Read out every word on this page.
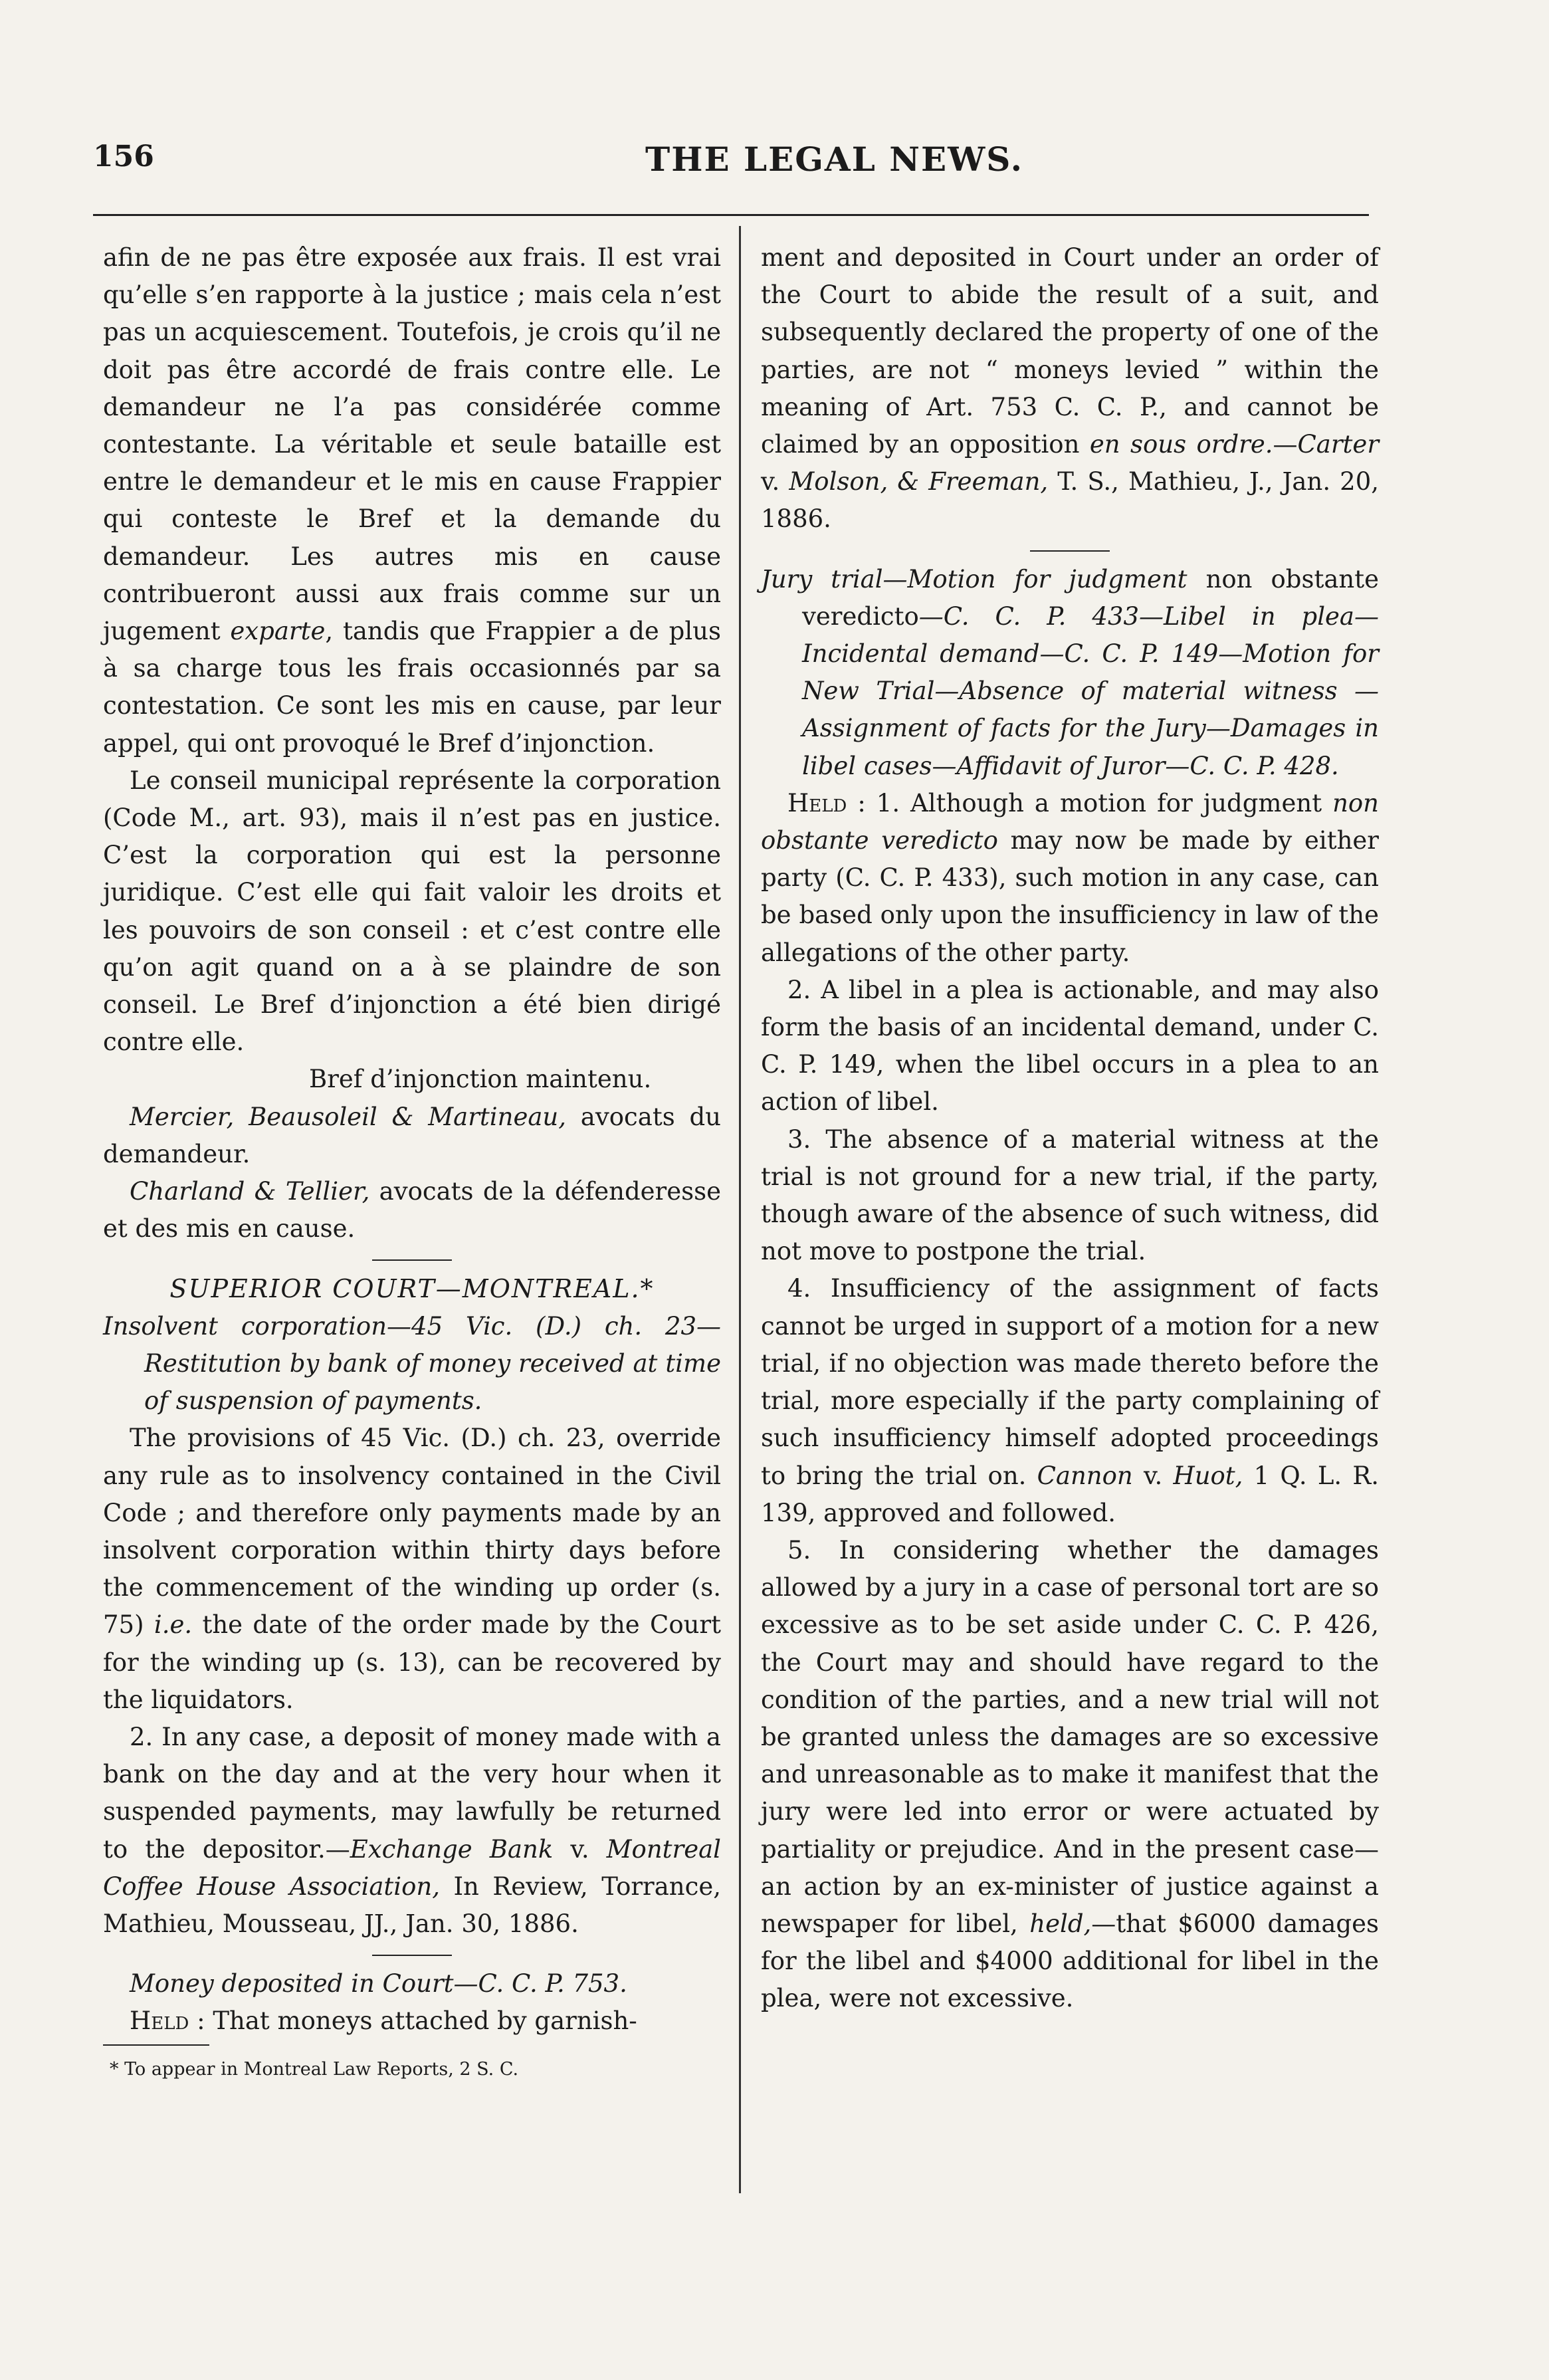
156	THE LEGAL NEWS.

afin de ne pas être exposée aux frais. Il est vrai qu’elle s’en rapporte à la justice ; mais cela n’est pas un acquiescement. Toutefois, je crois qu’il ne doit pas être accordé de frais contre elle. Le demandeur ne l’a pas considérée comme contestante. La véritable et seule bataille est entre le demandeur et le mis en cause Frappier qui conteste le Bref et la demande du demandeur. Les autres mis en cause contribueront aussi aux frais comme sur un jugement exparte, tandis que Frappier a de plus à sa charge tous les frais occasionnés par sa contestation. Ce sont les mis en cause, par leur appel, qui ont provoqué le Bref d’injonction.

Le conseil municipal représente la corporation (Code M., art. 93), mais il n’est pas en justice. C’est la corporation qui est la personne juridique. C’est elle qui fait valoir les droits et les pouvoirs de son conseil : et c’est contre elle qu’on agit quand on a à se plaindre de son conseil. Le Bref d’injonction a été bien dirigé contre elle.

Bref d’injonction maintenu.

Mercier, Beausoleil & Martineau, avocats du demandeur.

Charland & Tellier, avocats de la défenderesse et des mis en cause.

SUPERIOR COURT—MONTREAL.*

Insolvent corporation—45 Vic. (D.) ch. 23—Restitution by bank of money received at time of suspension of payments.

The provisions of 45 Vic. (D.) ch. 23, override any rule as to insolvency contained in the Civil Code ; and therefore only payments made by an insolvent corporation within thirty days before the commencement of the winding up order (s. 75) i.e. the date of the order made by the Court for the winding up (s. 13), can be recovered by the liquidators.

2. In any case, a deposit of money made with a bank on the day and at the very hour when it suspended payments, may lawfully be returned to the depositor.—Exchange Bank v. Montreal Coffee House Association, In Review, Torrance, Mathieu, Mousseau, JJ., Jan. 30, 1886.

Money deposited in Court—C. C. P. 753.

Held : That moneys attached by garnish-

* To appear in Montreal Law Reports, 2 S. C.

ment and deposited in Court under an order of the Court to abide the result of a suit, and subsequently declared the property of one of the parties, are not “ moneys levied ” within the meaning of Art. 753 C. C. P., and cannot be claimed by an opposition en sous ordre.—Carter v. Molson, & Freeman, T. S., Mathieu, J., Jan. 20, 1886.

Jury trial—Motion for judgment non obstante veredicto—C. C. P. 433—Libel in plea—Incidental demand—C. C. P. 149—Motion for New Trial—Absence of material witness —Assignment of facts for the Jury—Damages in libel cases—Affidavit of Juror—C. C. P. 428.

Held : 1. Although a motion for judgment non obstante veredicto may now be made by either party (C. C. P. 433), such motion in any case, can be based only upon the insufficiency in law of the allegations of the other party.

2. A libel in a plea is actionable, and may also form the basis of an incidental demand, under C. C. P. 149, when the libel occurs in a plea to an action of libel.

3. The absence of a material witness at the trial is not ground for a new trial, if the party, though aware of the absence of such witness, did not move to postpone the trial.

4. Insufficiency of the assignment of facts cannot be urged in support of a motion for a new trial, if no objection was made thereto before the trial, more especially if the party complaining of such insufficiency himself adopted proceedings to bring the trial on. Cannon v. Huot, 1 Q. L. R. 139, approved and followed.

5. In considering whether the damages allowed by a jury in a case of personal tort are so excessive as to be set aside under C. C. P. 426, the Court may and should have regard to the condition of the parties, and a new trial will not be granted unless the damages are so excessive and unreasonable as to make it manifest that the jury were led into error or were actuated by partiality or prejudice. And in the present case—an action by an ex-minister of justice against a newspaper for libel, held,—that $6000 damages for the libel and $4000 additional for libel in the plea, were not excessive.
